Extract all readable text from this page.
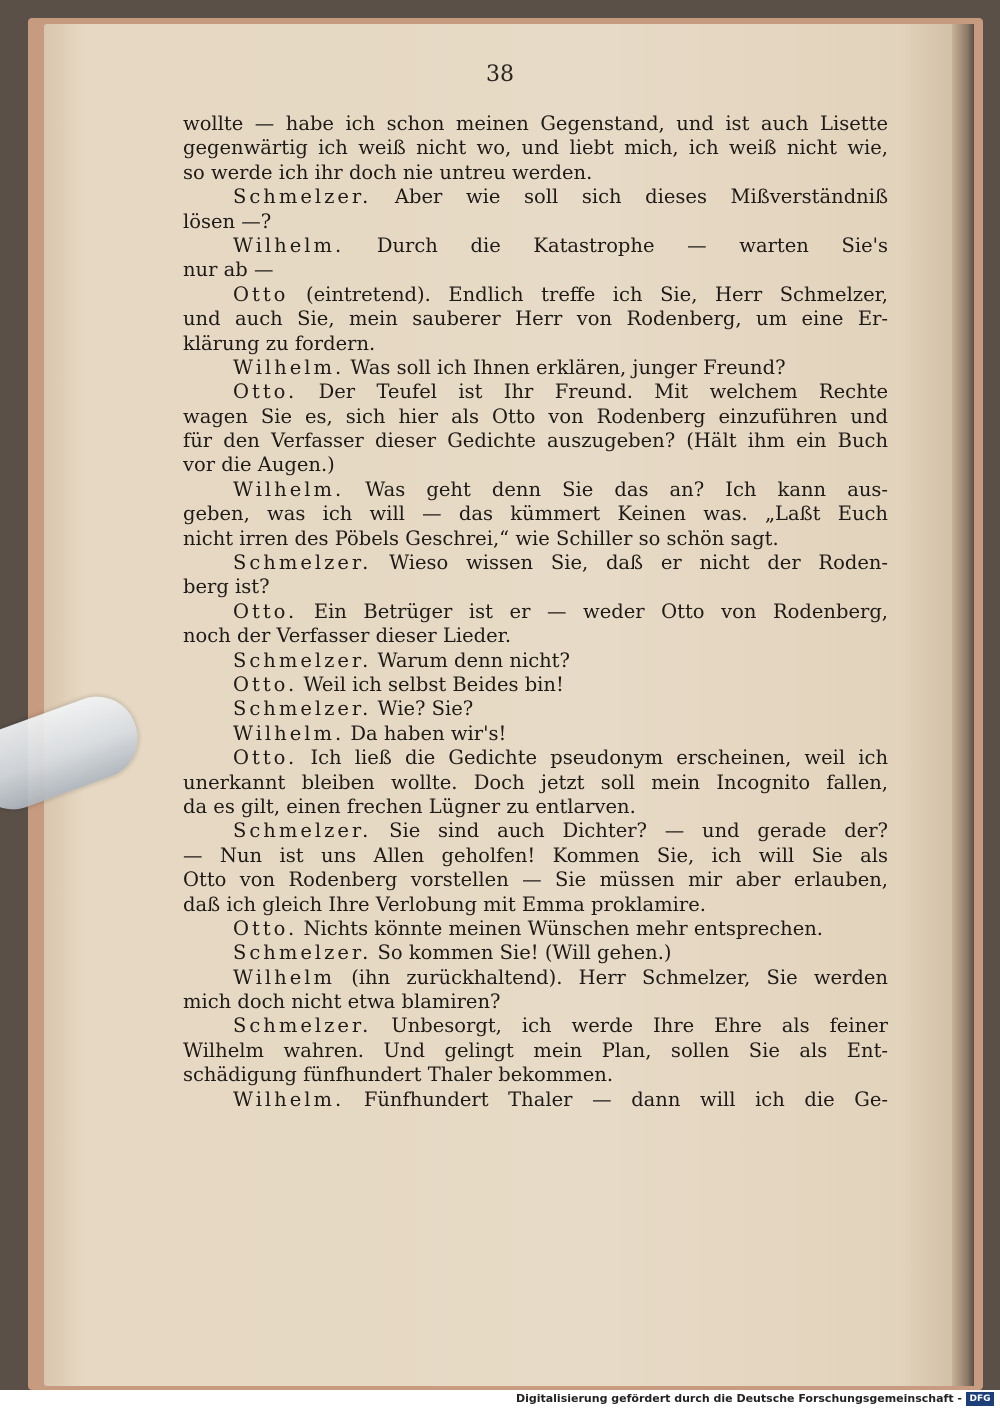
38
wollte — habe ich schon meinen Gegenstand, und ist auch Lisette
gegenwärtig ich weiß nicht wo, und liebt mich, ich weiß nicht wie,
so werde ich ihr doch nie untreu werden.
Schmelzer. Aber wie soll sich dieses Mißverständniß
lösen —?
Wilhelm. Durch die Katastrophe — warten Sie's
nur ab —
Otto (eintretend). Endlich treffe ich Sie, Herr Schmelzer,
und auch Sie, mein sauberer Herr von Rodenberg, um eine Er-
klärung zu fordern.
Wilhelm. Was soll ich Ihnen erklären, junger Freund?
Otto. Der Teufel ist Ihr Freund. Mit welchem Rechte
wagen Sie es, sich hier als Otto von Rodenberg einzuführen und
für den Verfasser dieser Gedichte auszugeben? (Hält ihm ein Buch
vor die Augen.)
Wilhelm. Was geht denn Sie das an? Ich kann aus-
geben, was ich will — das kümmert Keinen was. „Laßt Euch
nicht irren des Pöbels Geschrei,“ wie Schiller so schön sagt.
Schmelzer. Wieso wissen Sie, daß er nicht der Roden-
berg ist?
Otto. Ein Betrüger ist er — weder Otto von Rodenberg,
noch der Verfasser dieser Lieder.
Schmelzer. Warum denn nicht?
Otto. Weil ich selbst Beides bin!
Schmelzer. Wie? Sie?
Wilhelm. Da haben wir's!
Otto. Ich ließ die Gedichte pseudonym erscheinen, weil ich
unerkannt bleiben wollte. Doch jetzt soll mein Incognito fallen,
da es gilt, einen frechen Lügner zu entlarven.
Schmelzer. Sie sind auch Dichter? — und gerade der?
— Nun ist uns Allen geholfen! Kommen Sie, ich will Sie als
Otto von Rodenberg vorstellen — Sie müssen mir aber erlauben,
daß ich gleich Ihre Verlobung mit Emma proklamire.
Otto. Nichts könnte meinen Wünschen mehr entsprechen.
Schmelzer. So kommen Sie! (Will gehen.)
Wilhelm (ihn zurückhaltend). Herr Schmelzer, Sie werden
mich doch nicht etwa blamiren?
Schmelzer. Unbesorgt, ich werde Ihre Ehre als feiner
Wilhelm wahren. Und gelingt mein Plan, sollen Sie als Ent-
schädigung fünfhundert Thaler bekommen.
Wilhelm. Fünfhundert Thaler — dann will ich die Ge-
Digitalisierung gefördert durch die Deutsche Forschungsgemeinschaft - DFG
